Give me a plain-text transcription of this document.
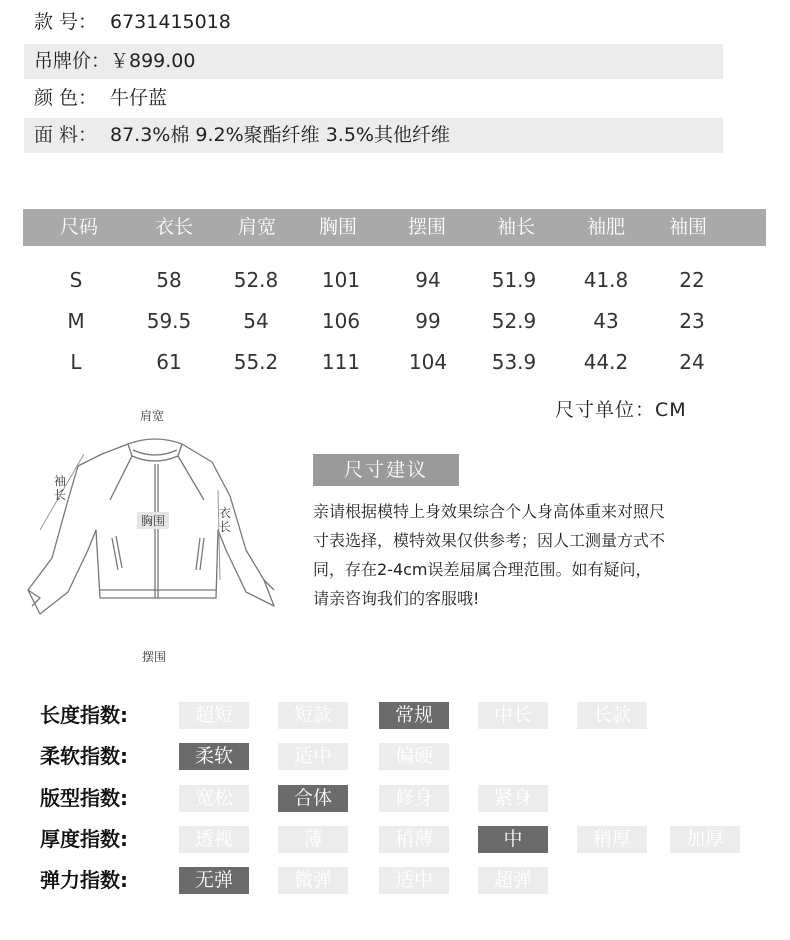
款 号： 6731415018
吊牌价：￥899.00
颜 色： 牛仔蓝
面 料： 87.3%棉 9.2%聚酯纤维 3.5%其他纤维
尺码	衣长	肩宽	胸围	摆围	袖长	袖肥	袖围
S	58	52.8	101	94	51.9	41.8	22
M	59.5	54	106	99	52.9	43	23
L	61	55.2	111	104	53.9	44.2	24
尺寸单位：CM
肩宽
袖长
胸围
衣长
摆围
尺寸建议
亲请根据模特上身效果综合个人身高体重来对照尺
寸表选择，模特效果仅供参考；因人工测量方式不
同，存在2-4cm误差届属合理范围。如有疑问，
请亲咨询我们的客服哦!
长度指数:	超短	短款	常规	中长	长款
柔软指数:	柔软	适中	偏硬
版型指数:	宽松	合体	修身	紧身
厚度指数:	透视	薄	稍薄	中	稍厚	加厚
弹力指数:	无弹	微弹	适中	超弹
